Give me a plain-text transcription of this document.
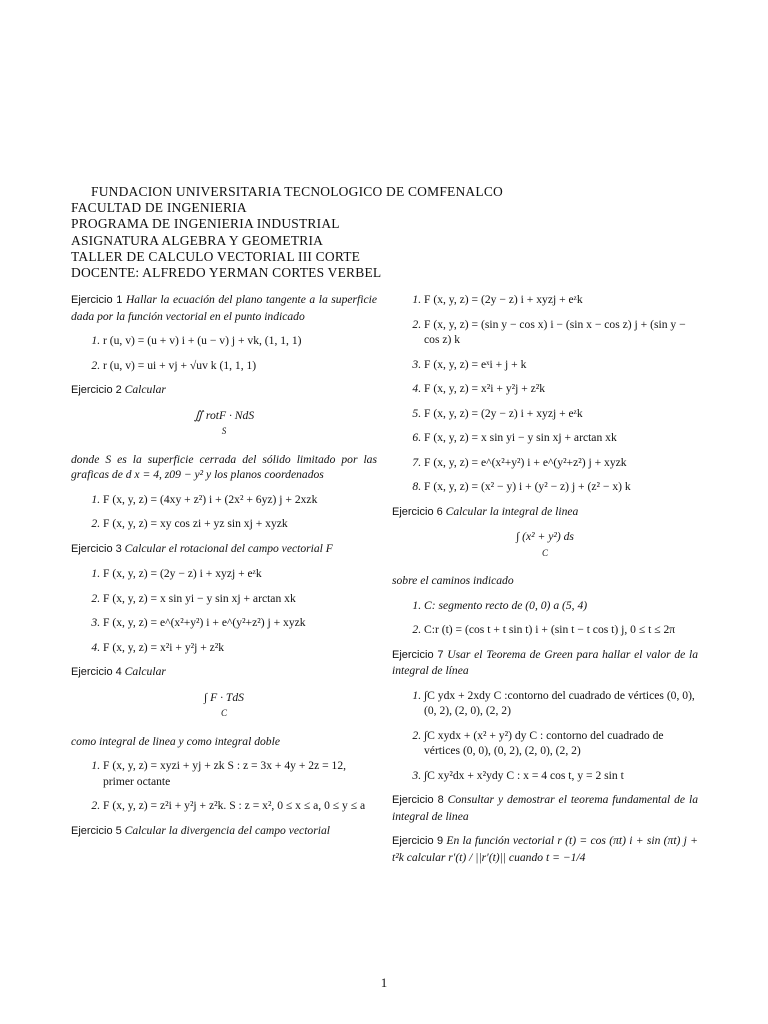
FUNDACION UNIVERSITARIA TECNOLOGICO DE COMFENALCO
FACULTAD DE INGENIERIA
PROGRAMA DE INGENIERIA INDUSTRIAL
ASIGNATURA ALGEBRA Y GEOMETRIA
TALLER DE CALCULO VECTORIAL III CORTE
DOCENTE: ALFREDO YERMAN CORTES VERBEL

Ejercicio 1 Hallar la ecuación del plano tangente a la superficie dada por la función vectorial en el punto indicado

1. r (u, v) = (u + v) i + (u − v) j + vk, (1, 1, 1)
2. r (u, v) = ui + vj + √uv k (1, 1, 1)

Ejercicio 2 Calcular

∬ rotF · NdS
S

donde S es la superficie cerrada del sólido limitado por las graficas de d x = 4, z09 − y² y los planos coordenados

1. F (x, y, z) = (4xy + z²) i + (2x² + 6yz) j + 2xzk
2. F (x, y, z) = xy cos zi + yz sin xj + xyzk

Ejercicio 3 Calcular el rotacional del campo vectorial F

1. F (x, y, z) = (2y − z) i + xyzj + eᶻk
2. F (x, y, z) = x sin yi − y sin xj + arctan xk
3. F (x, y, z) = e^(x²+y²) i + e^(y²+z²) j + xyzk
4. F (x, y, z) = x²i + y²j + z²k

Ejercicio 4 Calcular

∫ F · TdS
C

como integral de linea y como integral doble

1. F (x, y, z) = xyzi + yj + zk S : z = 3x + 4y + 2z = 12, primer octante
2. F (x, y, z) = z²i + y²j + z²k. S : z = x², 0 ≤ x ≤ a, 0 ≤ y ≤ a

Ejercicio 5 Calcular la divergencia del campo vectorial

1. F (x, y, z) = (2y − z) i + xyzj + eᶻk
2. F (x, y, z) = (sin y − cos x) i − (sin x − cos z) j + (sin y − cos z) k
3. F (x, y, z) = eˣi + j + k
4. F (x, y, z) = x²i + y²j + z²k
5. F (x, y, z) = (2y − z) i + xyzj + eᶻk
6. F (x, y, z) = x sin yi − y sin xj + arctan xk
7. F (x, y, z) = e^(x²+y²) i + e^(y²+z²) j + xyzk
8. F (x, y, z) = (x² − y) i + (y² − z) j + (z² − x) k

Ejercicio 6 Calcular la integral de linea

∫ (x² + y²) ds
C

sobre el caminos indicado

1. C: segmento recto de (0, 0) a (5, 4)
2. C:r (t) = (cos t + t sin t) i + (sin t − t cos t) j, 0 ≤ t ≤ 2π

Ejercicio 7 Usar el Teorema de Green para hallar el valor de la integral de línea

1. ∫C ydx + 2xdy C :contorno del cuadrado de vértices (0, 0), (0, 2), (2, 0), (2, 2)
2. ∫C xydx + (x² + y²) dy C : contorno del cuadrado de vértices (0, 0), (0, 2), (2, 0), (2, 2)
3. ∫C xy²dx + x²ydy C : x = 4 cos t, y = 2 sin t

Ejercicio 8 Consultar y demostrar el teorema fundamental de la integral de linea

Ejercicio 9 En la función vectorial r (t) = cos (πt) i + sin (πt) j + t²k calcular r′(t) / ||r′(t)|| cuando t = −1/4

1
